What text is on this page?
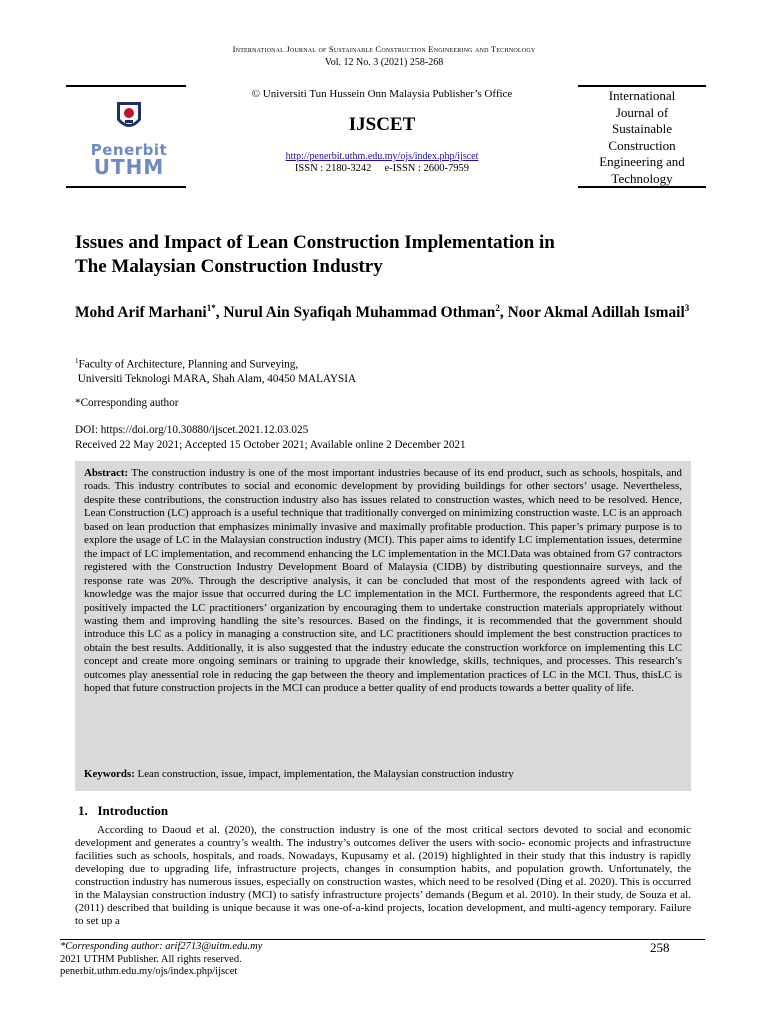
International Journal of Sustainable Construction Engineering and Technology
Vol. 12 No. 3 (2021) 258-268
Penerbit
UTHM
© Universiti Tun Hussein Onn Malaysia Publisher’s Office
IJSCET
http://penerbit.uthm.edu.my/ojs/index.php/ijscet
ISSN : 2180-3242     e-ISSN : 2600-7959
International
Journal of
Sustainable
Construction
Engineering and
Technology
Issues and Impact of Lean Construction Implementation in
The Malaysian Construction Industry
Mohd Arif Marhani$^{1*}$, Nurul Ain Syafiqah Muhammad Othman$^2$, Noor Akmal Adillah Ismail$^3$
$^1$Faculty of Architecture, Planning and Surveying,
Universiti Teknologi MARA, Shah Alam, 40450 MALAYSIA
*Corresponding author
DOI: https://doi.org/10.30880/ijscet.2021.12.03.025
Received 22 May 2021; Accepted 15 October 2021; Available online 2 December 2021
Abstract: The construction industry is one of the most important industries because of its end product, such as schools, hospitals, and roads. This industry contributes to social and economic development by providing buildings for other sectors’ usage. Nevertheless, despite these contributions, the construction industry also has issues related to construction wastes, which need to be resolved. Hence, Lean Construction (LC) approach is a useful technique that traditionally converged on minimizing construction waste. LC is an approach based on lean production that emphasizes minimally invasive and maximally profitable production. This paper’s primary purpose is to explore the usage of LC in the Malaysian construction industry (MCI). This paper aims to identify LC implementation issues, determine the impact of LC implementation, and recommend enhancing the LC implementation in the MCI.Data was obtained from G7 contractors registered with the Construction Industry Development Board of Malaysia (CIDB) by distributing questionnaire surveys, and the response rate was 20%. Through the descriptive analysis, it can be concluded that most of the respondents agreed with lack of knowledge was the major issue that occurred during the LC implementation in the MCI. Furthermore, the respondents agreed that LC positively impacted the LC practitioners’ organization by encouraging them to undertake construction materials appropriately without wasting them and improving handling the site’s resources. Based on the findings, it is recommended that the government should introduce this LC as a policy in managing a construction site, and LC practitioners should implement the best construction practices to obtain the best results. Additionally, it is also suggested that the industry educate the construction workforce on implementing this LC concept and create more ongoing seminars or training to upgrade their knowledge, skills, techniques, and processes. This research’s outcomes play anessential role in reducing the gap between the theory and implementation practices of LC in the MCI. Thus, thisLC is hoped that future construction projects in the MCI can produce a better quality of end products towards a better quality of life.
Keywords: Lean construction, issue, impact, implementation, the Malaysian construction industry
1.   Introduction

According to Daoud et al. (2020), the construction industry is one of the most critical sectors devoted to social and economic development and generates a country’s wealth. The industry’s outcomes deliver the users with socio- economic projects and infrastructure facilities such as schools, hospitals, and roads. Nowadays, Kupusamy et al. (2019) highlighted in their study that this industry is rapidly developing due to upgrading life, infrastructure projects, changes in consumption habits, and population growth. Unfortunately, the construction industry has numerous issues, especially on construction wastes, which need to be resolved (Ding et al. 2020). This is occurred in the Malaysian construction industry (MCI) to satisfy infrastructure projects’ demands (Begum et al. 2010). In their study, de Souza et al. (2011) described that building is unique because it was one-of-a-kind projects, location development, and multi-agency temporary. Failure to set up a

*Corresponding author: arif2713@uitm.edu.my
2021 UTHM Publisher. All rights reserved.
penerbit.uthm.edu.my/ojs/index.php/ijscet
258
